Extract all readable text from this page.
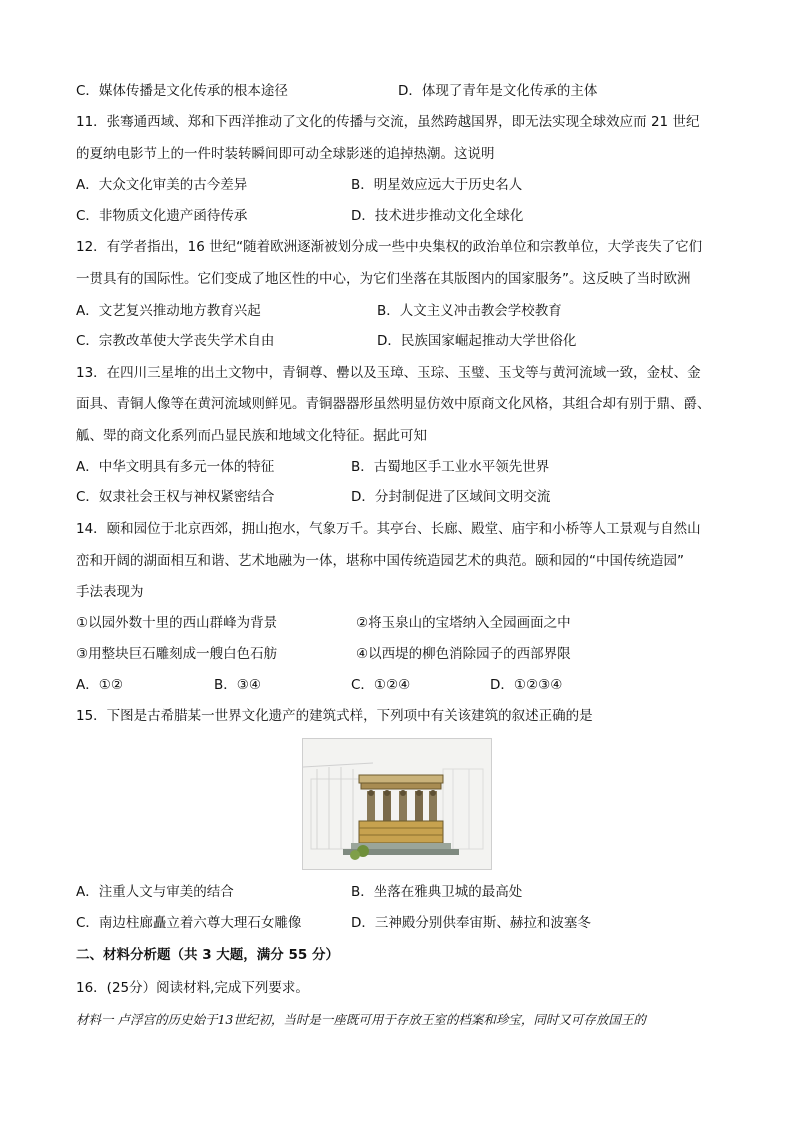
C．媒体传播是文化传承的根本途径	D．体现了青年是文化传承的主体
11．张骞通西域、郑和下西洋推动了文化的传播与交流，虽然跨越国界，即无法实现全球效应而 21 世纪
的夏纳电影节上的一件时装转瞬间即可动全球影迷的追掉热潮。这说明
A．大众文化审美的古今差异	B．明星效应远大于历史名人
C．非物质文化遗产函待传承	D．技术进步推动文化全球化
12．有学者指出，16 世纪“随着欧洲逐渐被划分成一些中央集权的政治单位和宗教单位，大学丧失了它们
一贯具有的国际性。它们变成了地区性的中心，为它们坐落在其版图内的国家服务”。这反映了当时欧洲
A．文艺复兴推动地方教育兴起	B．人文主义冲击教会学校教育
C．宗教改革使大学丧失学术自由	D．民族国家崛起推动大学世俗化
13．在四川三星堆的出土文物中，青铜尊、罍以及玉璋、玉琮、玉璧、玉戈等与黄河流域一致，金杖、金
面具、青铜人像等在黄河流域则鲜见。青铜器器形虽然明显仿效中原商文化风格，其组合却有别于鼎、爵、
觚、斝的商文化系列而凸显民族和地域文化特征。据此可知
A．中华文明具有多元一体的特征	B．古蜀地区手工业水平领先世界
C．奴隶社会王权与神权紧密结合	D．分封制促进了区域间文明交流
14．颐和园位于北京西郊，拥山抱水，气象万千。其亭台、长廊、殿堂、庙宇和小桥等人工景观与自然山
峦和开阔的湖面相互和谐、艺术地融为一体，堪称中国传统造园艺术的典范。颐和园的“中国传统造园”
手法表现为
①以园外数十里的西山群峰为背景	②将玉泉山的宝塔纳入全园画面之中
③用整块巨石雕刻成一艘白色石舫	④以西堤的柳色消除园子的西部界限
A．①②	B．③④	C．①②④	D．①②③④
15．下图是古希腊某一世界文化遗产的建筑式样，下列项中有关该建筑的叙述正确的是
A．注重人文与审美的结合	B．坐落在雅典卫城的最高处
C．南边柱廊矗立着六尊大理石女雕像	D．三神殿分别供奉宙斯、赫拉和波塞冬
二、材料分析题（共 3 大题，满分 55 分）
16．(25分）阅读材料,完成下列要求。
材料一 卢浮宫的历史始于13世纪初，当时是一座既可用于存放王室的档案和珍宝，同时又可存放国王的
